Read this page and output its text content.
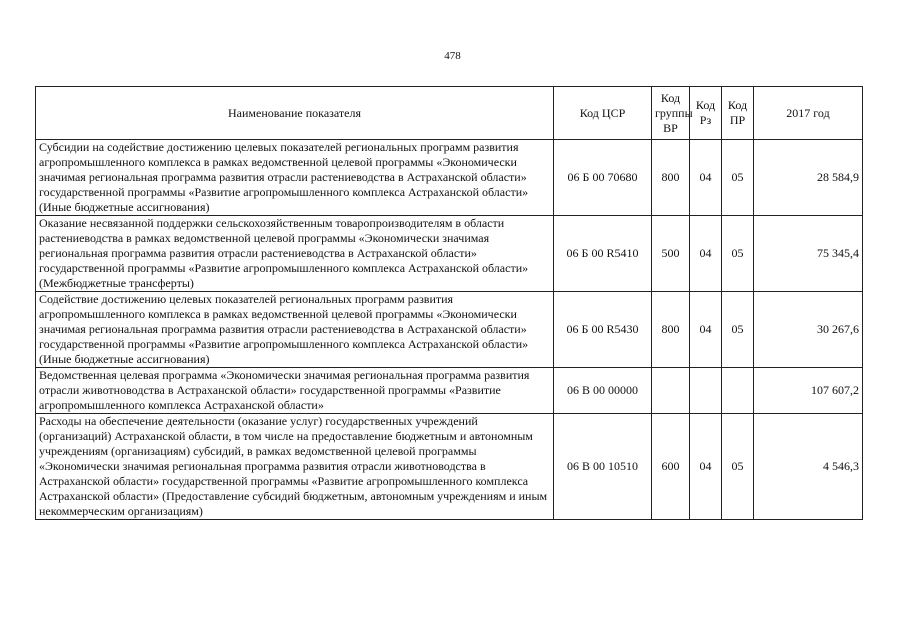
478
Наименование показателя	Код ЦСР	Код группы ВР	Код Рз	Код ПР	2017 год
Субсидии на содействие достижению целевых показателей региональных программ развития агропромышленного комплекса в рамках ведомственной целевой программы «Экономически значимая региональная программа развития отрасли растениеводства в Астраханской области» государственной программы «Развитие агропромышленного комплекса Астраханской области» (Иные бюджетные ассигнования)	06 Б 00 70680	800	04	05	28 584,9
Оказание несвязанной поддержки сельскохозяйственным товаропроизводителям в области растениеводства в рамках ведомственной целевой программы «Экономически значимая региональная программа развития отрасли растениеводства в Астраханской области» государственной программы «Развитие агропромышленного комплекса Астраханской области» (Межбюджетные трансферты)	06 Б 00 R5410	500	04	05	75 345,4
Содействие достижению целевых показателей региональных программ развития агропромышленного комплекса в рамках ведомственной целевой программы «Экономически значимая региональная программа развития отрасли растениеводства в Астраханской области» государственной программы «Развитие агропромышленного комплекса Астраханской области» (Иные бюджетные ассигнования)	06 Б 00 R5430	800	04	05	30 267,6
Ведомственная целевая программа «Экономически значимая региональная программа развития отрасли животноводства в Астраханской области» государственной программы «Развитие агропромышленного комплекса Астраханской области»	06 В 00 00000				107 607,2
Расходы на обеспечение деятельности (оказание услуг) государственных учреждений (организаций) Астраханской области, в том числе на предоставление бюджетным и автономным учреждениям (организациям) субсидий, в рамках ведомственной целевой программы «Экономически значимая региональная программа развития отрасли животноводства в Астраханской области» государственной программы «Развитие агропромышленного комплекса Астраханской области» (Предоставление субсидий бюджетным, автономным учреждениям и иным некоммерческим организациям)	06 В 00 10510	600	04	05	4 546,3
